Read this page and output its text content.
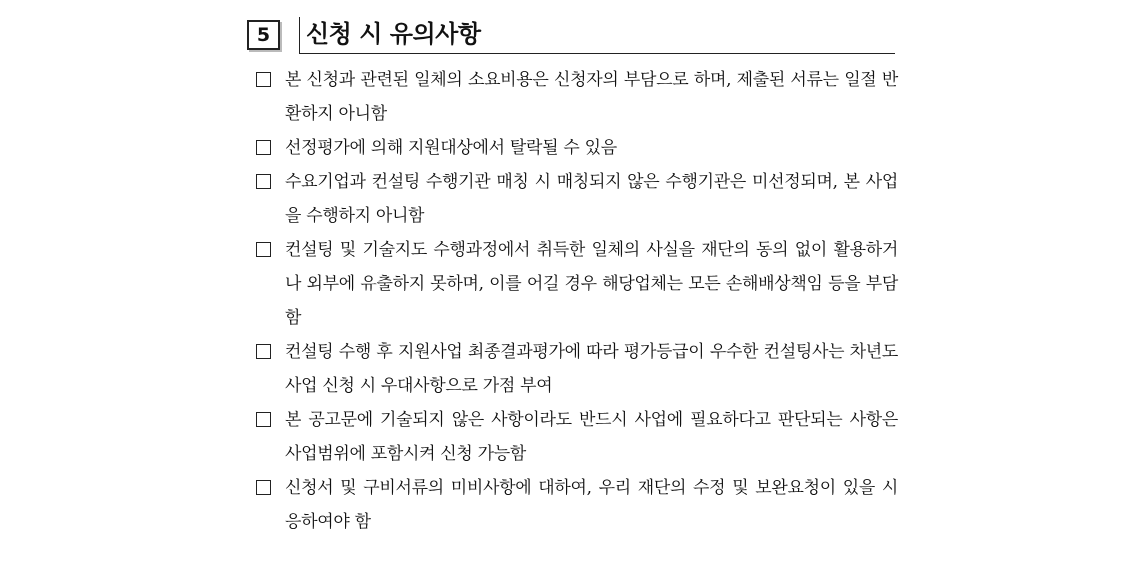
5	신청 시 유의사항
본 신청과 관련된 일체의 소요비용은 신청자의 부담으로 하며, 제출된 서류는 일절 반환하지 아니함
선정평가에 의해 지원대상에서 탈락될 수 있음
수요기업과 컨설팅 수행기관 매칭 시 매칭되지 않은 수행기관은 미선정되며, 본 사업을 수행하지 아니함
컨설팅 및 기술지도 수행과정에서 취득한 일체의 사실을 재단의 동의 없이 활용하거나 외부에 유출하지 못하며, 이를 어길 경우 해당업체는 모든 손해배상책임 등을 부담함
컨설팅 수행 후 지원사업 최종결과평가에 따라 평가등급이 우수한 컨설팅사는 차년도 사업 신청 시 우대사항으로 가점 부여
본 공고문에 기술되지 않은 사항이라도 반드시 사업에 필요하다고 판단되는 사항은 사업범위에 포함시켜 신청 가능함
신청서 및 구비서류의 미비사항에 대하여, 우리 재단의 수정 및 보완요청이 있을 시 응하여야 함
